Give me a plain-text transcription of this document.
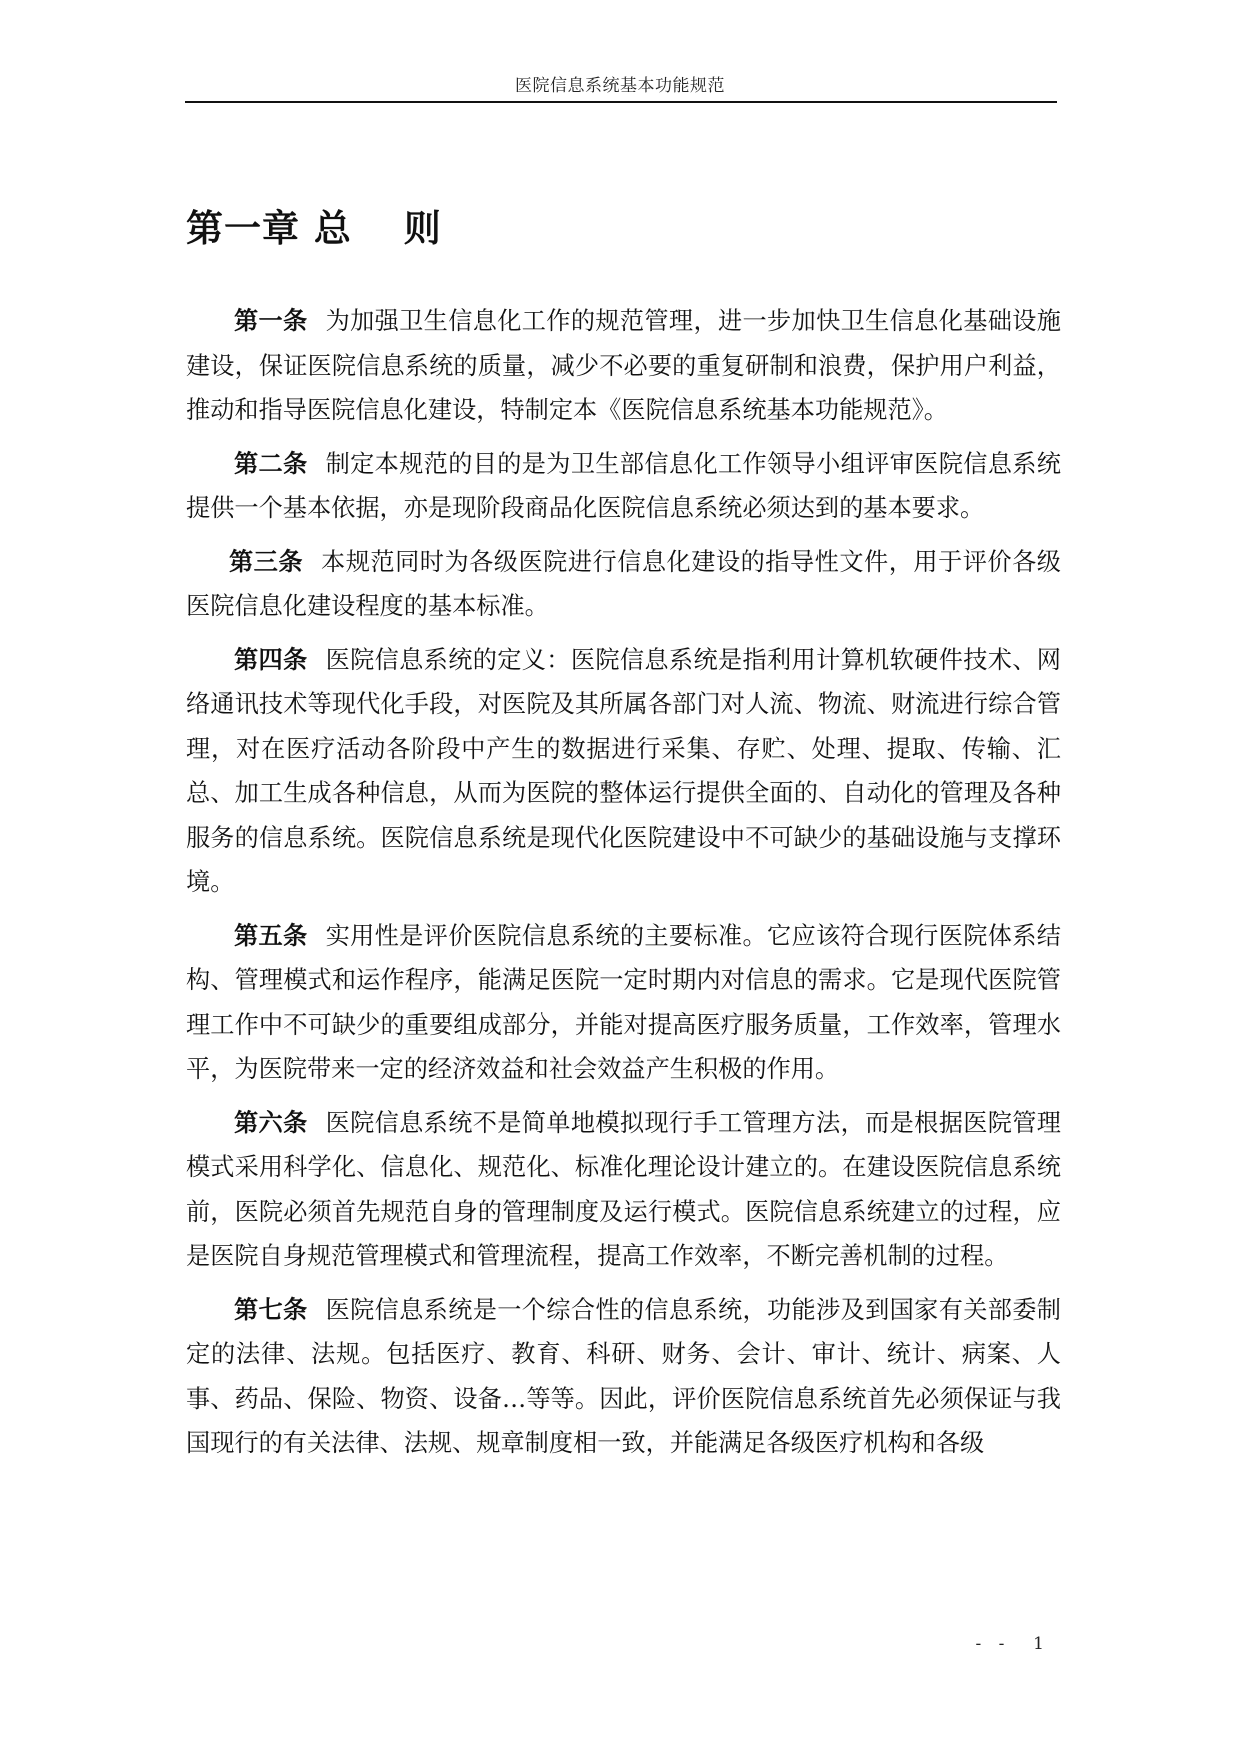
医院信息系统基本功能规范
第一章 总　 则

第一条 为加强卫生信息化工作的规范管理，进一步加快卫生信息化基础设施建设，保证医院信息系统的质量，减少不必要的重复研制和浪费，保护用户利益，推动和指导医院信息化建设，特制定本《医院信息系统基本功能规范》。

第二条 制定本规范的目的是为卫生部信息化工作领导小组评审医院信息系统提供一个基本依据，亦是现阶段商品化医院信息系统必须达到的基本要求。

第三条 本规范同时为各级医院进行信息化建设的指导性文件，用于评价各级医院信息化建设程度的基本标准。

第四条 医院信息系统的定义：医院信息系统是指利用计算机软硬件技术、网络通讯技术等现代化手段，对医院及其所属各部门对人流、物流、财流进行综合管理，对在医疗活动各阶段中产生的数据进行采集、存贮、处理、提取、传输、汇总、加工生成各种信息，从而为医院的整体运行提供全面的、自动化的管理及各种服务的信息系统。医院信息系统是现代化医院建设中不可缺少的基础设施与支撑环境。

第五条 实用性是评价医院信息系统的主要标准。它应该符合现行医院体系结构、管理模式和运作程序，能满足医院一定时期内对信息的需求。它是现代医院管理工作中不可缺少的重要组成部分，并能对提高医疗服务质量，工作效率，管理水平，为医院带来一定的经济效益和社会效益产生积极的作用。

第六条 医院信息系统不是简单地模拟现行手工管理方法，而是根据医院管理模式采用科学化、信息化、规范化、标准化理论设计建立的。在建设医院信息系统前，医院必须首先规范自身的管理制度及运行模式。医院信息系统建立的过程，应是医院自身规范管理模式和管理流程，提高工作效率，不断完善机制的过程。

第七条 医院信息系统是一个综合性的信息系统，功能涉及到国家有关部委制定的法律、法规。包括医疗、教育、科研、财务、会计、审计、统计、病案、人事、药品、保险、物资、设备…等等。因此，评价医院信息系统首先必须保证与我国现行的有关法律、法规、规章制度相一致，并能满足各级医疗机构和各级

- -  1
